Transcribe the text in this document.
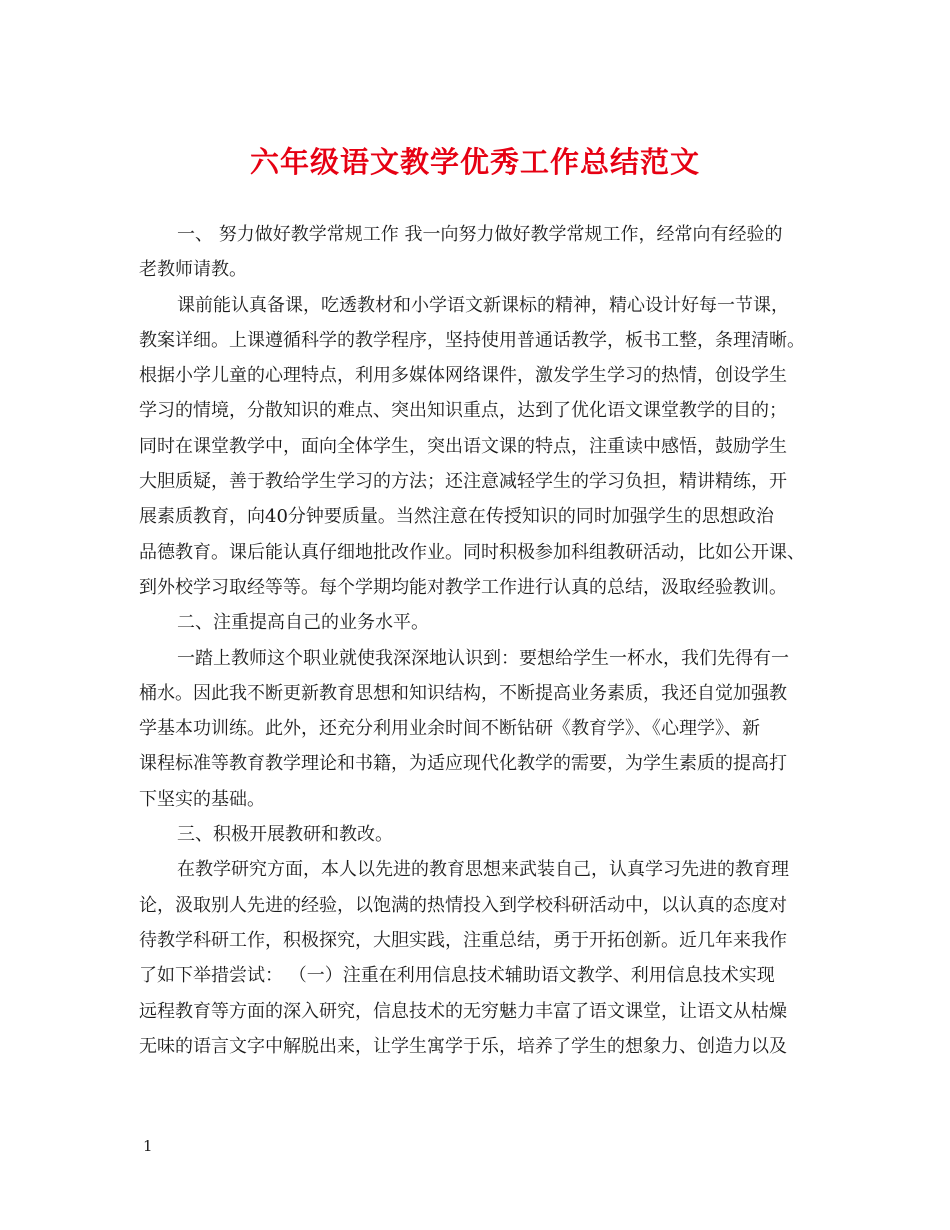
六年级语文教学优秀工作总结范文
一、 努力做好教学常规工作 我一向努力做好教学常规工作，经常向有经验的
老教师请教。
课前能认真备课，吃透教材和小学语文新课标的精神，精心设计好每一节课，
教案详细。上课遵循科学的教学程序，坚持使用普通话教学，板书工整，条理清晰。
根据小学儿童的心理特点，利用多媒体网络课件，激发学生学习的热情，创设学生
学习的情境，分散知识的难点、突出知识重点，达到了优化语文课堂教学的目的；
同时在课堂教学中，面向全体学生，突出语文课的特点，注重读中感悟，鼓励学生
大胆质疑，善于教给学生学习的方法；还注意减轻学生的学习负担，精讲精练，开
展素质教育，向40分钟要质量。当然注意在传授知识的同时加强学生的思想政治
品德教育。课后能认真仔细地批改作业。同时积极参加科组教研活动，比如公开课、
到外校学习取经等等。每个学期均能对教学工作进行认真的总结，汲取经验教训。
二、注重提高自己的业务水平。
一踏上教师这个职业就使我深深地认识到：要想给学生一杯水，我们先得有一
桶水。因此我不断更新教育思想和知识结构，不断提高业务素质，我还自觉加强教
学基本功训练。此外，还充分利用业余时间不断钻研《教育学》、《心理学》、新
课程标准等教育教学理论和书籍，为适应现代化教学的需要，为学生素质的提高打
下坚实的基础。
三、积极开展教研和教改。
在教学研究方面，本人以先进的教育思想来武装自己，认真学习先进的教育理
论，汲取别人先进的经验，以饱满的热情投入到学校科研活动中，以认真的态度对
待教学科研工作，积极探究，大胆实践，注重总结，勇于开拓创新。近几年来我作
了如下举措尝试： （一）注重在利用信息技术辅助语文教学、利用信息技术实现
远程教育等方面的深入研究，信息技术的无穷魅力丰富了语文课堂，让语文从枯燥
无味的语言文字中解脱出来，让学生寓学于乐，培养了学生的想象力、创造力以及
1
